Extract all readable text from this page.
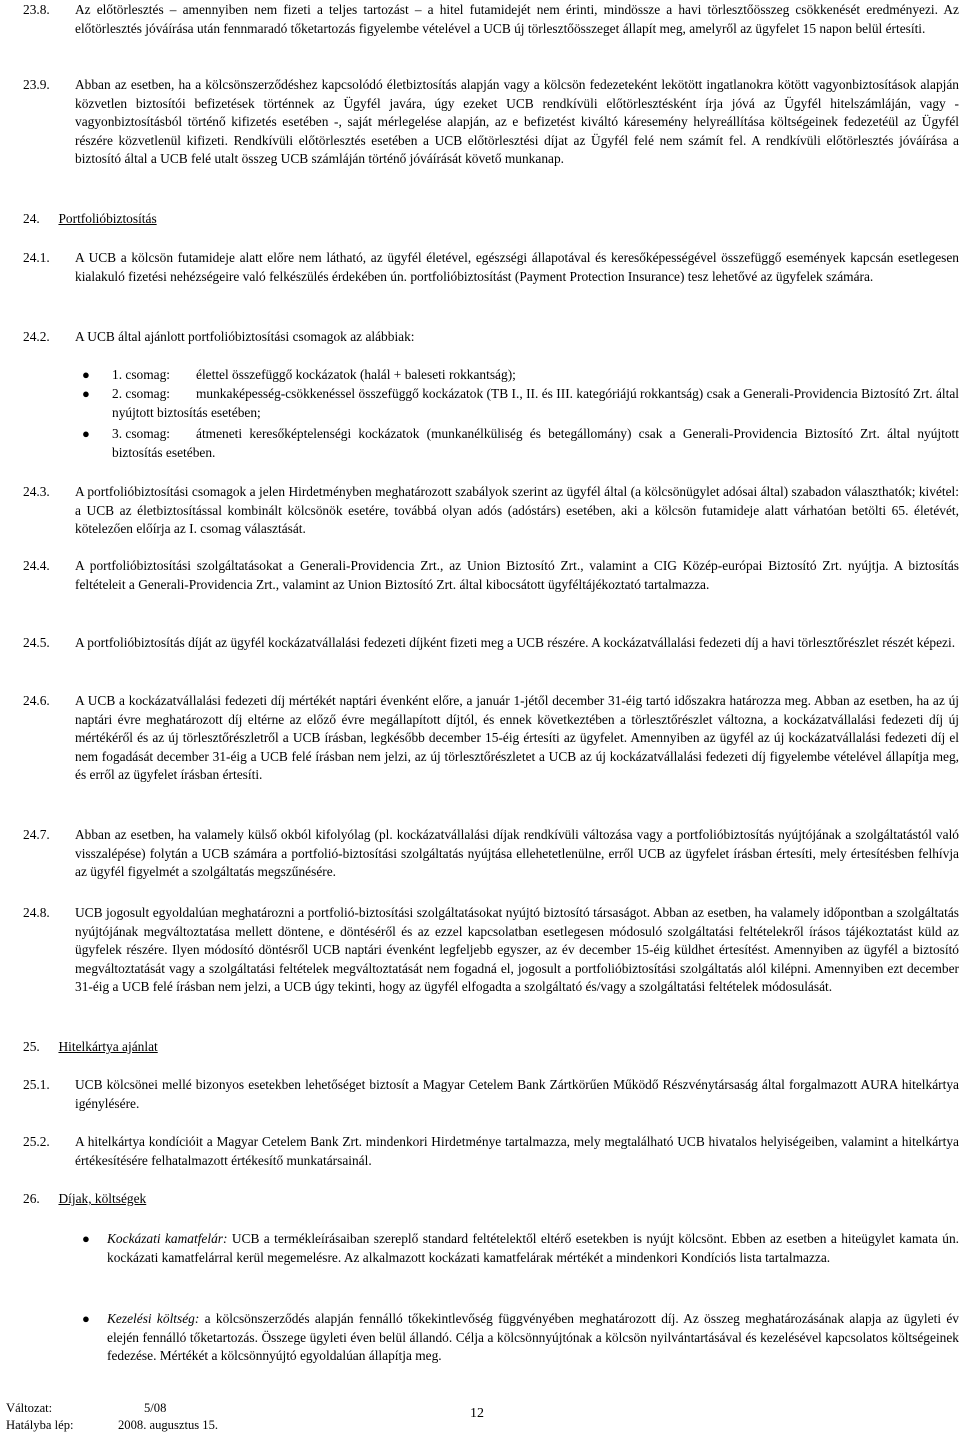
23.8. Az előtörlesztés – amennyiben nem fizeti a teljes tartozást – a hitel futamidejét nem érinti, mindössze a havi törlesztőösszeg csökkenését eredményezi. Az előtörlesztés jóváírása után fennmaradó tőketartozás figyelembe vételével a UCB új törlesztőösszeget állapít meg, amelyről az ügyfelet 15 napon belül értesíti.

23.9. Abban az esetben, ha a kölcsönszerződéshez kapcsolódó életbiztosítás alapján vagy a kölcsön fedezeteként lekötött ingatlanokra kötött vagyonbiztosítások alapján közvetlen biztosítói befizetések történnek az Ügyfél javára, úgy ezeket UCB rendkívüli előtörlesztésként írja jóvá az Ügyfél hitelszámláján, vagy - vagyonbiztosításból történő kifizetés esetében -, saját mérlegelése alapján, az e befizetést kiváltó káresemény helyreállítása költségeinek fedezetéül az Ügyfél részére közvetlenül kifizeti. Rendkívüli előtörlesztés esetében a UCB előtörlesztési díjat az Ügyfél felé nem számít fel. A rendkívüli előtörlesztés jóváírása a biztosító által a UCB felé utalt összeg UCB számláján történő jóváírását követő munkanap.

24. Portfolióbiztosítás
24.1. A UCB a kölcsön futamideje alatt előre nem látható, az ügyfél életével, egészségi állapotával és keresőképességével összefüggő események kapcsán esetlegesen kialakuló fizetési nehézségeire való felkészülés érdekében ún. portfolióbiztosítást (Payment Protection Insurance) tesz lehetővé az ügyfelek számára.

24.2. A UCB által ajánlott portfolióbiztosítási csomagok az alábbiak:

● 1. csomag: élettel összefüggő kockázatok (halál + baleseti rokkantság);

● 2. csomag: munkaképesség-csökkenéssel összefüggő kockázatok (TB I., II. és III. kategóriájú rokkantság) csak a Generali-Providencia Biztosító Zrt. által nyújtott biztosítás esetében;

● 3. csomag: átmeneti keresőképtelenségi kockázatok (munkanélküliség és betegállomány) csak a Generali-Providencia Biztosító Zrt. által nyújtott biztosítás esetében.

24.3. A portfolióbiztosítási csomagok a jelen Hirdetményben meghatározott szabályok szerint az ügyfél által (a kölcsönügylet adósai által) szabadon választhatók; kivétel: a UCB az életbiztosítással kombinált kölcsönök esetére, továbbá olyan adós (adóstárs) esetében, aki a kölcsön futamideje alatt várhatóan betölti 65. életévét, kötelezően előírja az I. csomag választását.

24.4. A portfolióbiztosítási szolgáltatásokat a Generali-Providencia Zrt., az Union Biztosító Zrt., valamint a CIG Közép-európai Biztosító Zrt. nyújtja. A biztosítás feltételeit a Generali-Providencia Zrt., valamint az Union Biztosító Zrt. által kibocsátott ügyféltájékoztató tartalmazza.

24.5. A portfolióbiztosítás díját az ügyfél kockázatvállalási fedezeti díjként fizeti meg a UCB részére. A kockázatvállalási fedezeti díj a havi törlesztőrészlet részét képezi.

24.6. A UCB a kockázatvállalási fedezeti díj mértékét naptári évenként előre, a január 1-jétől december 31-éig tartó időszakra határozza meg. Abban az esetben, ha az új naptári évre meghatározott díj eltérne az előző évre megállapított díjtól, és ennek következtében a törlesztőrészlet változna, a kockázatvállalási fedezeti díj új mértékéről és az új törlesztőrészletről a UCB írásban, legkésőbb december 15-éig értesíti az ügyfelet. Amennyiben az ügyfél az új kockázatvállalási fedezeti díj el nem fogadását december 31-éig a UCB felé írásban nem jelzi, az új törlesztőrészletet a UCB az új kockázatvállalási fedezeti díj figyelembe vételével állapítja meg, és erről az ügyfelet írásban értesíti.

24.7. Abban az esetben, ha valamely külső okból kifolyólag (pl. kockázatvállalási díjak rendkívüli változása vagy a portfolióbiztosítás nyújtójának a szolgáltatástól való visszalépése) folytán a UCB számára a portfolió-biztosítási szolgáltatás nyújtása ellehetetlenülne, erről UCB az ügyfelet írásban értesíti, mely értesítésben felhívja az ügyfél figyelmét a szolgáltatás megszűnésére.

24.8. UCB jogosult egyoldalúan meghatározni a portfolió-biztosítási szolgáltatásokat nyújtó biztosító társaságot. Abban az esetben, ha valamely időpontban a szolgáltatás nyújtójának megváltoztatása mellett döntene, e döntéséről és az ezzel kapcsolatban esetlegesen módosuló szolgáltatási feltételekről írásos tájékoztatást küld az ügyfelek részére. Ilyen módosító döntésről UCB naptári évenként legfeljebb egyszer, az év december 15-éig küldhet értesítést. Amennyiben az ügyfél a biztosító megváltoztatását vagy a szolgáltatási feltételek megváltoztatását nem fogadná el, jogosult a portfolióbiztosítási szolgáltatás alól kilépni. Amennyiben ezt december 31-éig a UCB felé írásban nem jelzi, a UCB úgy tekinti, hogy az ügyfél elfogadta a szolgáltató és/vagy a szolgáltatási feltételek módosulását.

25. Hitelkártya ajánlat
25.1. UCB kölcsönei mellé bizonyos esetekben lehetőséget biztosít a Magyar Cetelem Bank Zártkörűen Működő Részvénytársaság által forgalmazott AURA hitelkártya igénylésére.

25.2. A hitelkártya kondícióit a Magyar Cetelem Bank Zrt. mindenkori Hirdetménye tartalmazza, mely megtalálható UCB hivatalos helyiségeiben, valamint a hitelkártya értékesítésére felhatalmazott értékesítő munkatársainál.

26. Díjak, költségek
● Kockázati kamatfelár: UCB a termékleírásaiban szereplő standard feltételektől eltérő esetekben is nyújt kölcsönt. Ebben az esetben a hiteügylet kamata ún. kockázati kamatfelárral kerül megemelésre. Az alkalmazott kockázati kamatfelárak mértékét a mindenkori Kondíciós lista tartalmazza.

● Kezelési költség: a kölcsönszerződés alapján fennálló tőkekintlevőség függvényében meghatározott díj. Az összeg meghatározásának alapja az ügyleti év elején fennálló tőketartozás. Összege ügyleti éven belül állandó. Célja a kölcsönnyújtónak a kölcsön nyilvántartásával és kezelésével kapcsolatos költségeinek fedezése. Mértékét a kölcsönnyújtó egyoldalúan állapítja meg.

Változat:	5/08
Hatályba lép:	2008. augusztus 15.
12
